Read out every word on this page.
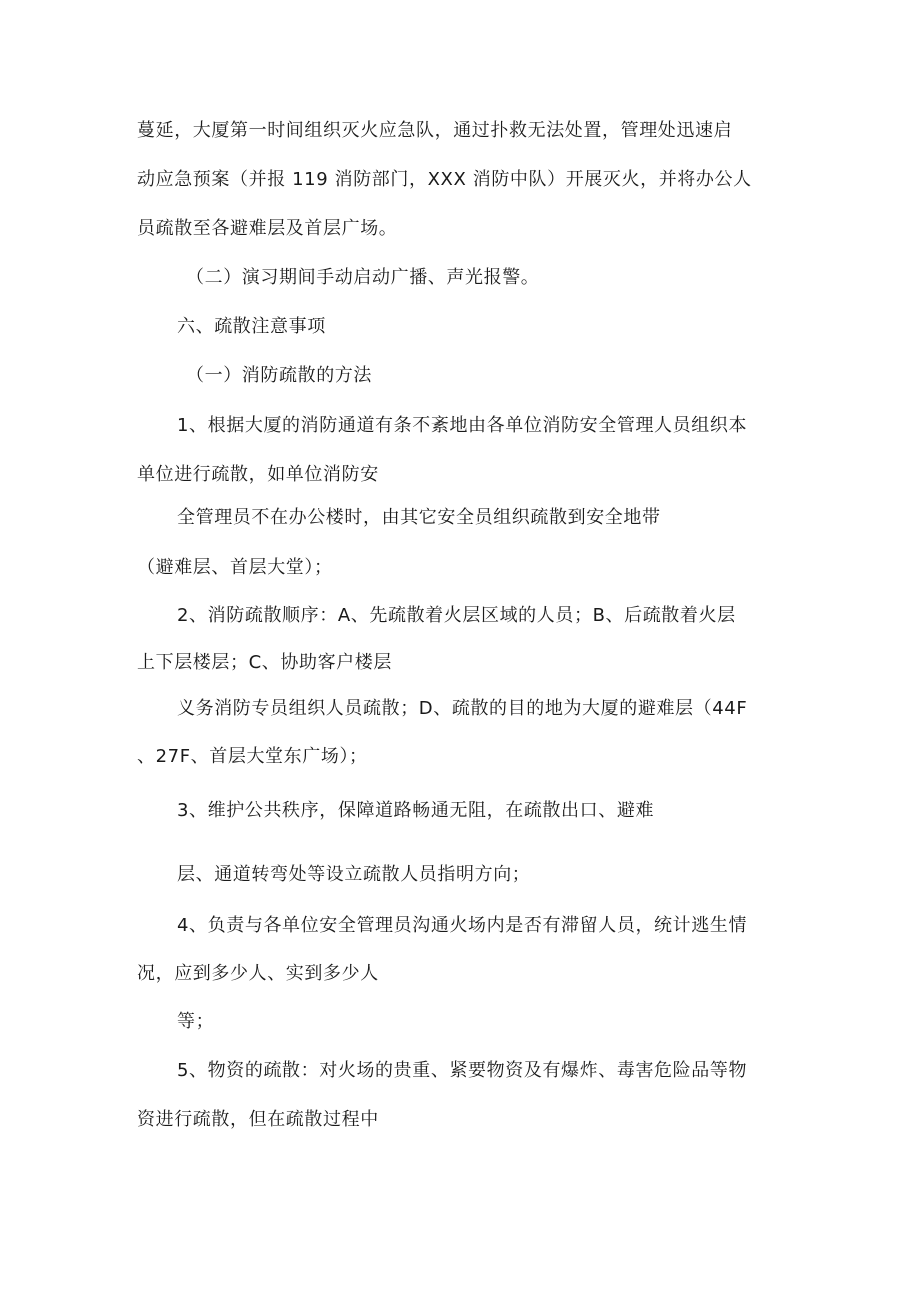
蔓延，大厦第一时间组织灭火应急队，通过扑救无法处置，管理处迅速启
动应急预案（并报 119 消防部门，XXX 消防中队）开展灭火，并将办公人
员疏散至各避难层及首层广场。
（二）演习期间手动启动广播、声光报警。
六、疏散注意事项
（一）消防疏散的方法
1、根据大厦的消防通道有条不紊地由各单位消防安全管理人员组织本
单位进行疏散，如单位消防安
全管理员不在办公楼时，由其它安全员组织疏散到安全地带
（避难层、首层大堂）；
2、消防疏散顺序：A、先疏散着火层区域的人员；B、后疏散着火层
上下层楼层；C、协助客户楼层
义务消防专员组织人员疏散；D、疏散的目的地为大厦的避难层（44F
、27F、首层大堂东广场）；
3、维护公共秩序，保障道路畅通无阻，在疏散出口、避难
层、通道转弯处等设立疏散人员指明方向；
4、负责与各单位安全管理员沟通火场内是否有滞留人员，统计逃生情
况，应到多少人、实到多少人
等；
5、物资的疏散：对火场的贵重、紧要物资及有爆炸、毒害危险品等物
资进行疏散，但在疏散过程中
